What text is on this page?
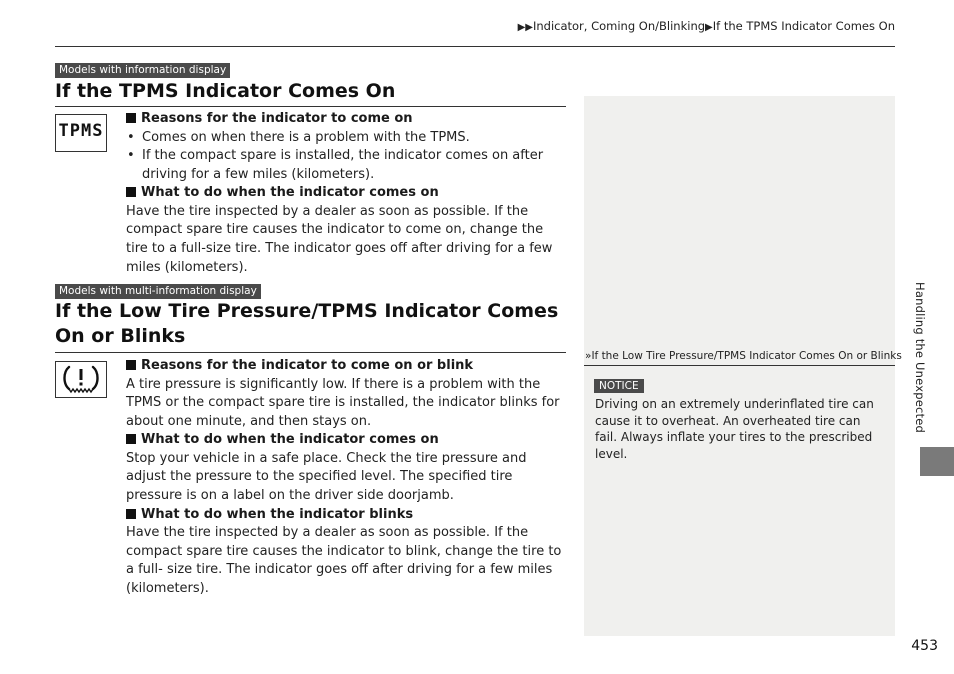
▶▶Indicator, Coming On/Blinking▶If the TPMS Indicator Comes On
Models with information display
If the TPMS Indicator Comes On
TPMS
Reasons for the indicator to come on
• Comes on when there is a problem with the TPMS.
• If the compact spare is installed, the indicator comes on after driving for a few miles (kilometers).
What to do when the indicator comes on
Have the tire inspected by a dealer as soon as possible. If the compact spare tire causes the indicator to come on, change the tire to a full-size tire. The indicator goes off after driving for a few miles (kilometers).
Models with multi-information display
If the Low Tire Pressure/TPMS Indicator Comes On or Blinks
Reasons for the indicator to come on or blink
A tire pressure is significantly low. If there is a problem with the TPMS or the compact spare tire is installed, the indicator blinks for about one minute, and then stays on.
What to do when the indicator comes on
Stop your vehicle in a safe place. Check the tire pressure and adjust the pressure to the specified level. The specified tire pressure is on a label on the driver side doorjamb.
What to do when the indicator blinks
Have the tire inspected by a dealer as soon as possible. If the compact spare tire causes the indicator to blink, change the tire to a full- size tire. The indicator goes off after driving for a few miles (kilometers).
»If the Low Tire Pressure/TPMS Indicator Comes On or Blinks
NOTICE
Driving on an extremely underinflated tire can cause it to overheat. An overheated tire can fail. Always inflate your tires to the prescribed level.
Handling the Unexpected
453
